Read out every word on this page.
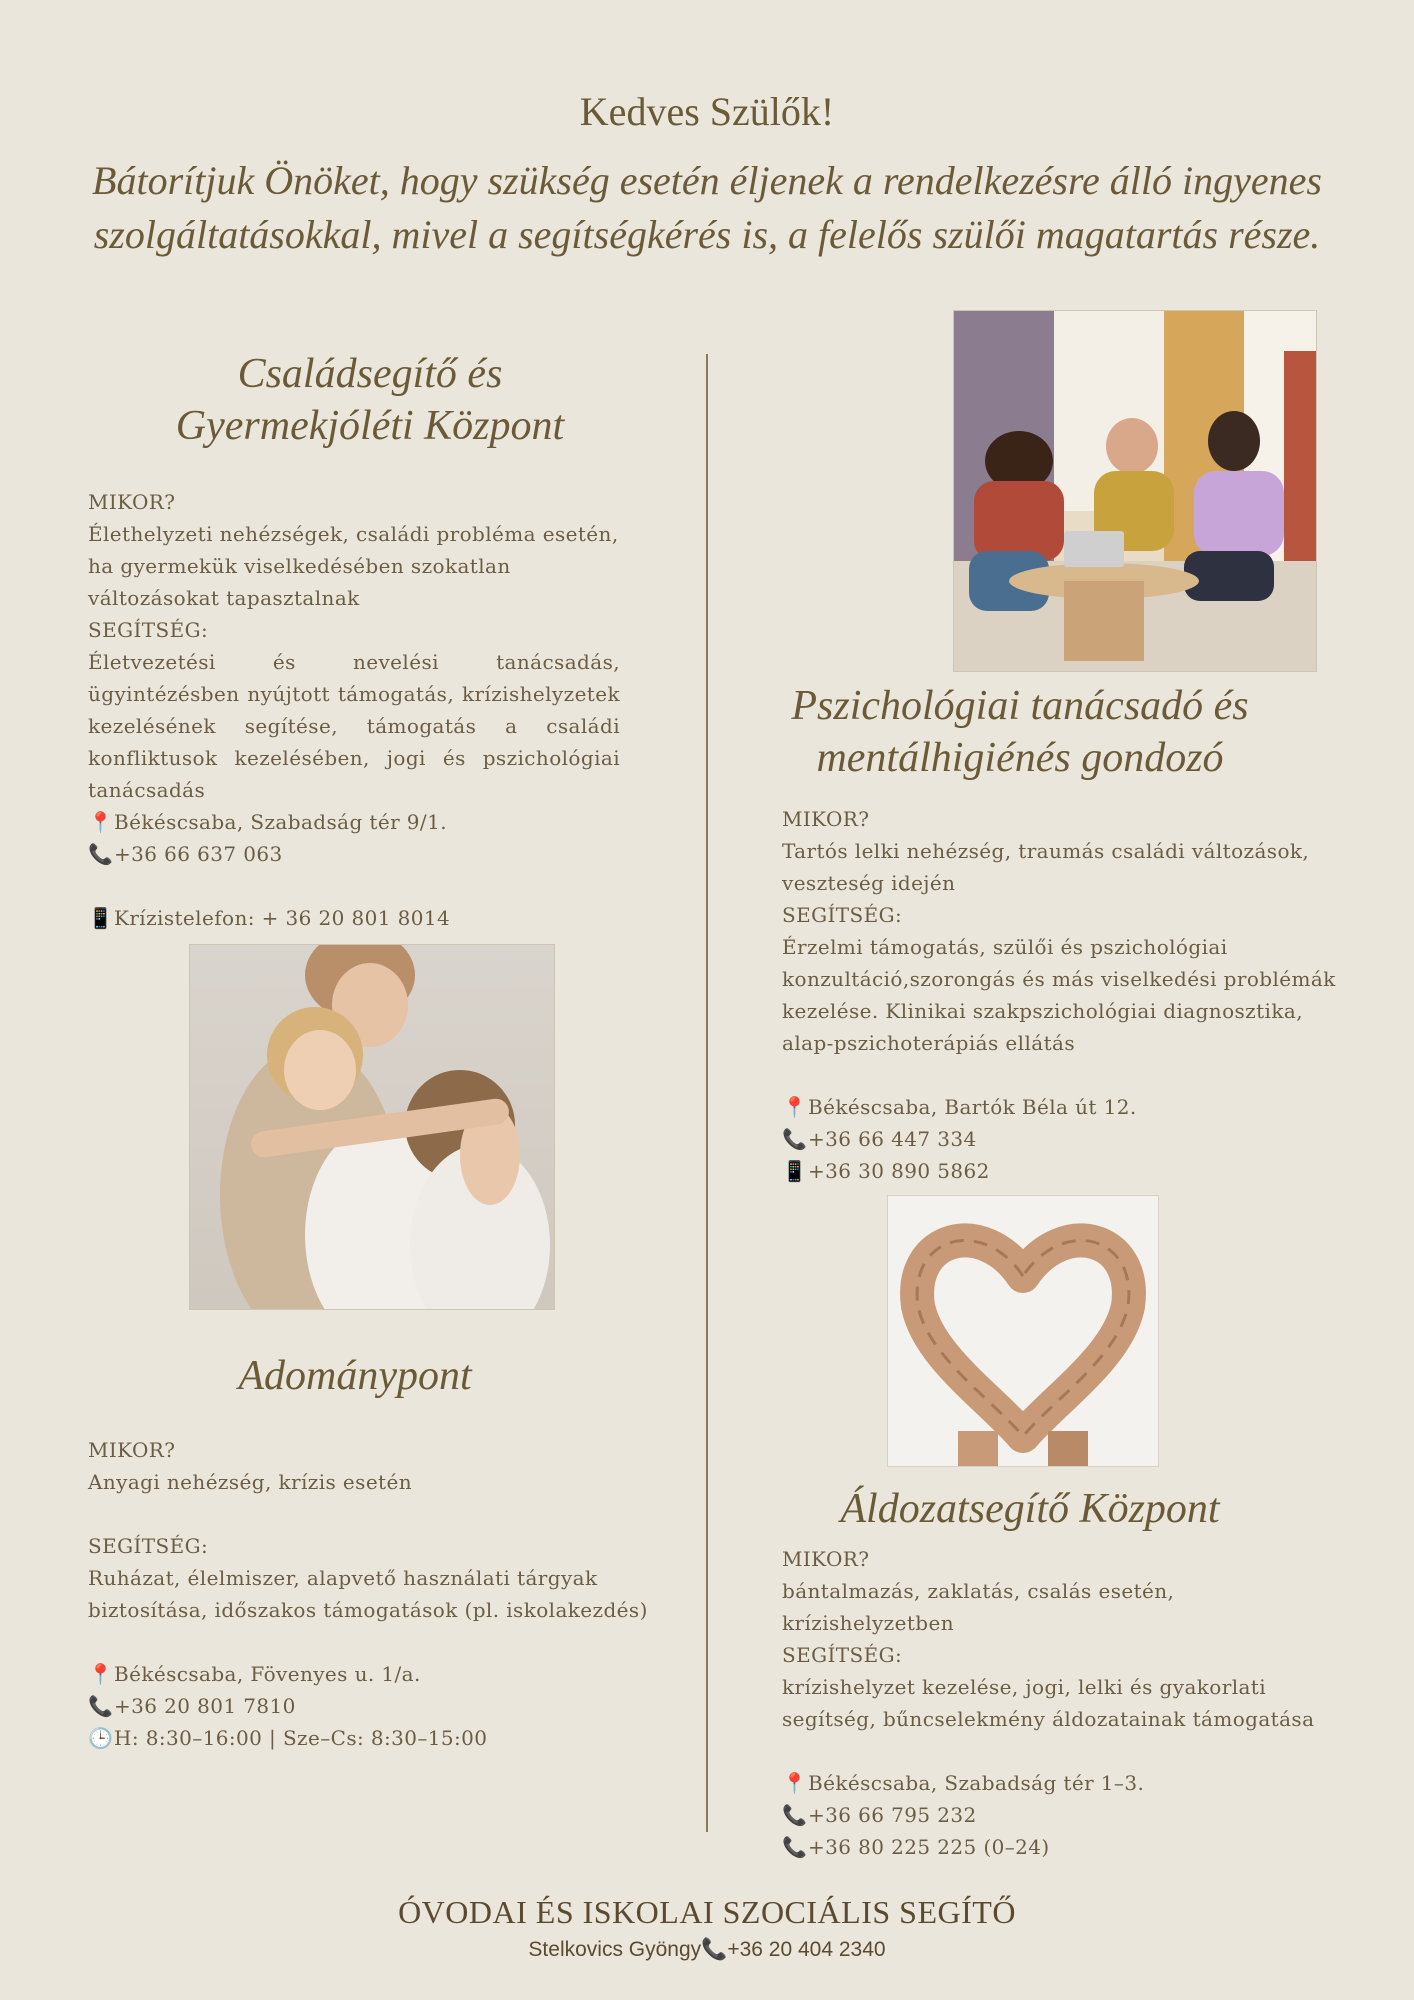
Kedves Szülők!
Bátorítjuk Önöket, hogy szükség esetén éljenek a rendelkezésre álló ingyenes szolgáltatásokkal, mivel a segítségkérés is, a felelős szülői magatartás része.
Családsegítő és
Gyermekjóléti Központ

MIKOR?

Élethelyzeti nehézségek, családi probléma esetén, ha gyermekük viselkedésében szokatlan változásokat tapasztalnak

SEGÍTSÉG:

Életvezetési és nevelési tanácsadás, ügyintézésben nyújtott támogatás, krízishelyzetek kezelésének segítése, támogatás a családi konfliktusok kezelésében, jogi és pszichológiai tanácsadás

📍Békéscsaba, Szabadság tér 9/1.

📞+36 66 637 063

📱Krízistelefon: + 36 20 801 8014

Adománypont

MIKOR?

Anyagi nehézség, krízis esetén

SEGÍTSÉG:

Ruházat, élelmiszer, alapvető használati tárgyak biztosítása, időszakos támogatások (pl. iskolakezdés)

📍Békéscsaba, Fövenyes u. 1/a.

📞+36 20 801 7810

🕒H: 8:30–16:00 | Sze–Cs: 8:30–15:00

Pszichológiai tanácsadó és
mentálhigiénés gondozó

MIKOR?

Tartós lelki nehézség, traumás családi változások, veszteség idején

SEGÍTSÉG:

Érzelmi támogatás, szülői és pszichológiai konzultáció,szorongás és más viselkedési problémák kezelése. Klinikai szakpszichológiai diagnosztika, alap-pszichoterápiás ellátás

📍Békéscsaba, Bartók Béla út 12.

📞+36 66 447 334

📱+36 30 890 5862

Áldozatsegítő Központ

MIKOR?

bántalmazás, zaklatás, csalás esetén, krízishelyzetben

SEGÍTSÉG:

krízishelyzet kezelése, jogi, lelki és gyakorlati segítség, bűncselekmény áldozatainak támogatása

📍Békéscsaba, Szabadság tér 1–3.

📞+36 66 795 232

📞+36 80 225 225 (0–24)

ÓVODAI ÉS ISKOLAI SZOCIÁLIS SEGÍTŐ
Stelkovics Gyöngy📞+36 20 404 2340
